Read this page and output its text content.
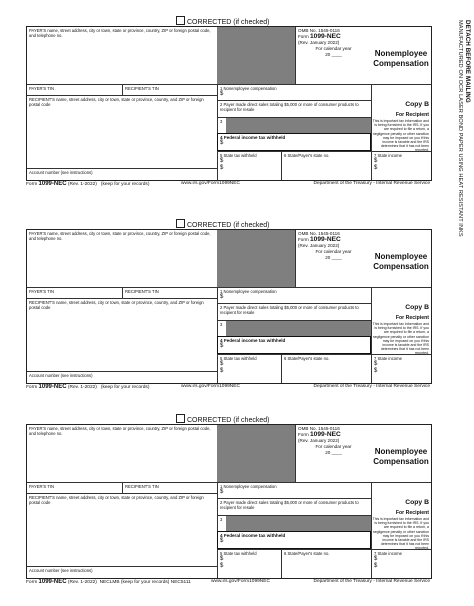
DETACH BEFORE MAILING
MANUFACTURED ON OCR LASER BOND PAPER USING HEAT RESISTANT INKS
CORRECTED (if checked)
PAYER'S name, street address, city or town, state or province, country, ZIP or foreign postal code, and telephone no.
OMB No. 1545-0116
Form 1099-NEC
(Rev. January 2022)
For calendar year
20 ____	Nonemployee Compensation
PAYER'S TIN	RECIPIENT'S TIN	1 Nonemployee compensation
$
RECIPIENT'S name, street address, city or town, state or province, country, and ZIP or foreign postal code	2 Payer made direct sales totaling $5,000 or more of consumer products to recipient for resale
3
4 Federal income tax withheld
$
5 State tax withheld
$
$
6 State/Payer's state no.	7 State income
$
$
Account number (see instructions)
Copy B
For Recipient
This is important tax information and is being furnished to the IRS. If you are required to file a return, a negligence penalty or other sanction may be imposed on you if this income is taxable and the IRS determines that it has not been reported.
Form 1099-NEC (Rev. 1-2022) (keep for your records)	www.irs.gov/Form1099NEC	Department of the Treasury - Internal Revenue Service
CORRECTED (if checked)
PAYER'S name, street address, city or town, state or province, country, ZIP or foreign postal code, and telephone no.
OMB No. 1545-0116
Form 1099-NEC
(Rev. January 2022)
For calendar year
20 ____	Nonemployee Compensation
PAYER'S TIN	RECIPIENT'S TIN	1 Nonemployee compensation
$
RECIPIENT'S name, street address, city or town, state or province, country, and ZIP or foreign postal code	2 Payer made direct sales totaling $5,000 or more of consumer products to recipient for resale
3
4 Federal income tax withheld
$
5 State tax withheld
$
$
6 State/Payer's state no.	7 State income
$
$
Account number (see instructions)
Copy B
For Recipient
This is important tax information and is being furnished to the IRS. If you are required to file a return, a negligence penalty or other sanction may be imposed on you if this income is taxable and the IRS determines that it has not been reported.
Form 1099-NEC (Rev. 1-2022) (keep for your records)	www.irs.gov/Form1099NEC	Department of the Treasury - Internal Revenue Service
CORRECTED (if checked)
PAYER'S name, street address, city or town, state or province, country, ZIP or foreign postal code, and telephone no.
OMB No. 1545-0116
Form 1099-NEC
(Rev. January 2022)
For calendar year
20 ____	Nonemployee Compensation
PAYER'S TIN	RECIPIENT'S TIN	1 Nonemployee compensation
$
RECIPIENT'S name, street address, city or town, state or province, country, and ZIP or foreign postal code	2 Payer made direct sales totaling $5,000 or more of consumer products to recipient for resale
3
4 Federal income tax withheld
$
5 State tax withheld
$
$
6 State/Payer's state no.	7 State income
$
$
Account number (see instructions)
Copy B
For Recipient
This is important tax information and is being furnished to the IRS. If you are required to file a return, a negligence penalty or other sanction may be imposed on you if this income is taxable and the IRS determines that it has not been reported.
Form 1099-NEC (Rev. 1-2022) NECLMB (keep for your records) NEC5111	www.irs.gov/Form1099NEC	Department of the Treasury - Internal Revenue Service
